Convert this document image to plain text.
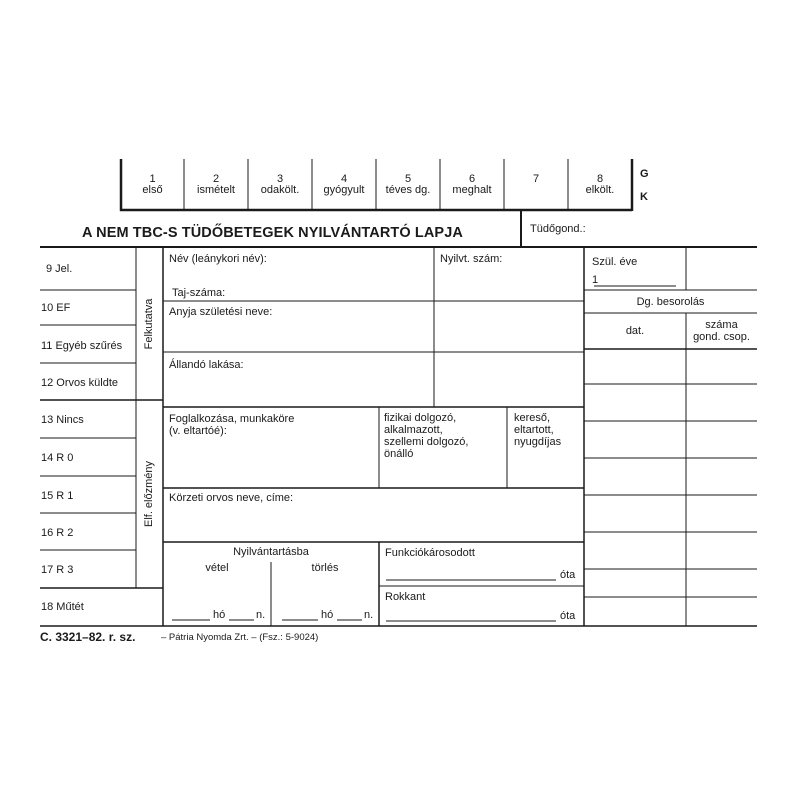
1
első
2
ismételt
3
odakölt.
4
gyógyult
5
téves dg.
6
meghalt
7	8
elkölt.
G
K
A NEM TBC-S TÜDŐBETEGEK NYILVÁNTARTÓ LAPJA	Tüdőgond.:
9 Jel.
10 EF
11 Egyéb szűrés
12 Orvos küldte
13 Nincs
14 R 0
15 R 1
16 R 2
17 R 3
18 Műtét
Felkutatva
Elf. előzmény
Név (leánykori név):
Taj-száma:
Nyilvt. szám:
Anyja születési neve:
Állandó lakása:
Foglalkozása, munkaköre
(v. eltartóé):
fizikai dolgozó,
alkalmazott,
szellemi dolgozó,
önálló
kereső,
eltartott,
nyugdíjas
Körzeti orvos neve, címe:
Nyilvántartásba
vétel	törlés
hó	n.	hó	n.
Funkciókárosodott
óta
Rokkant
óta
Szül. éve
1
Dg. besorolás
dat.	száma
gond. csop.
C. 3321–82. r. sz.	– Pátria Nyomda Zrt. – (Fsz.: 5-9024)
